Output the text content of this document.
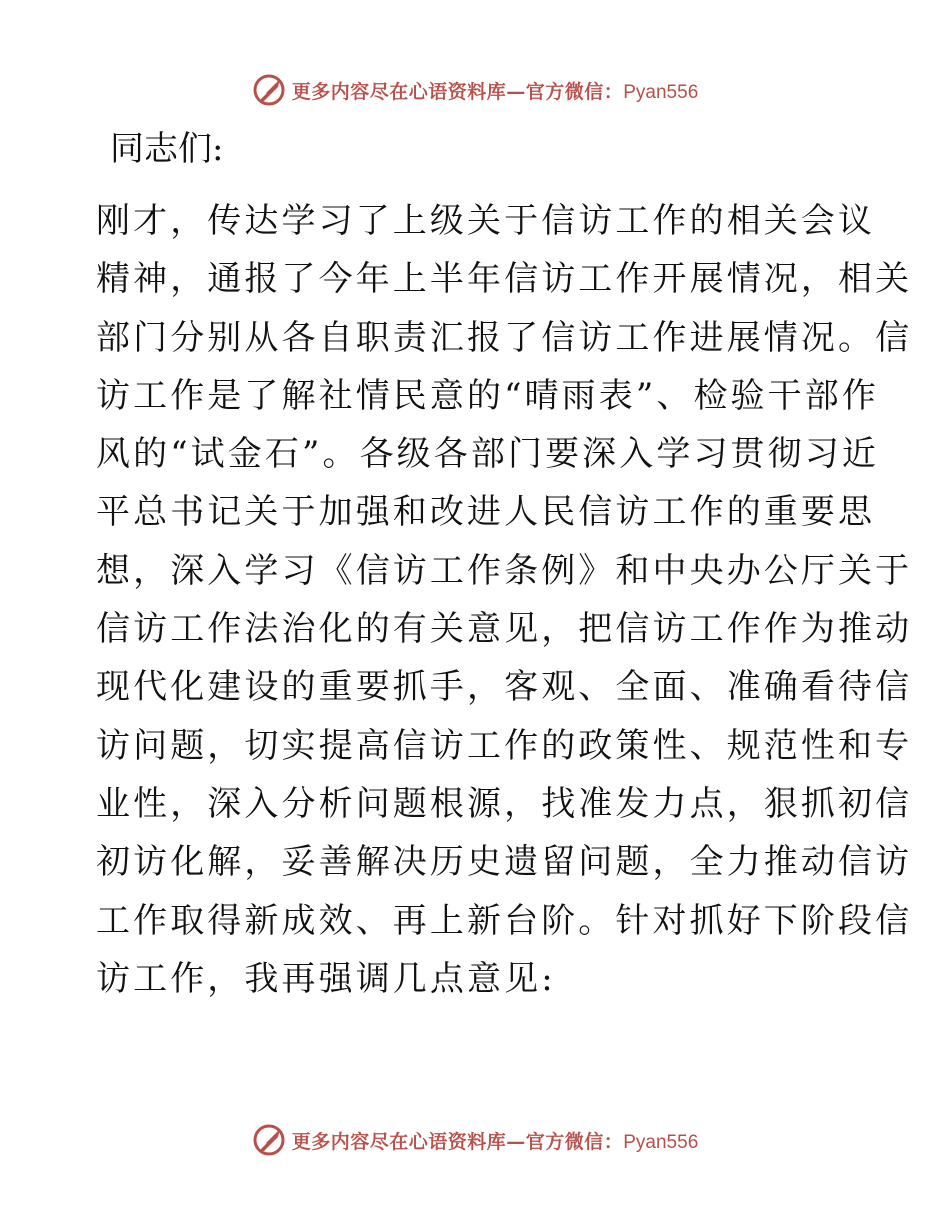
更多内容尽在心语资料库—官方微信：Pyan556

同志们:

刚才，传达学习了上级关于信访工作的相关会议
精神，通报了今年上半年信访工作开展情况，相关
部门分别从各自职责汇报了信访工作进展情况。信
访工作是了解社情民意的“晴雨表”、检验干部作
风的“试金石”。各级各部门要深入学习贯彻习近
平总书记关于加强和改进人民信访工作的重要思
想，深入学习《信访工作条例》和中央办公厅关于
信访工作法治化的有关意见，把信访工作作为推动
现代化建设的重要抓手，客观、全面、准确看待信
访问题，切实提高信访工作的政策性、规范性和专
业性，深入分析问题根源，找准发力点，狠抓初信
初访化解，妥善解决历史遗留问题，全力推动信访
工作取得新成效、再上新台阶。针对抓好下阶段信
访工作，我再强调几点意见:
更多内容尽在心语资料库—官方微信：Pyan556
